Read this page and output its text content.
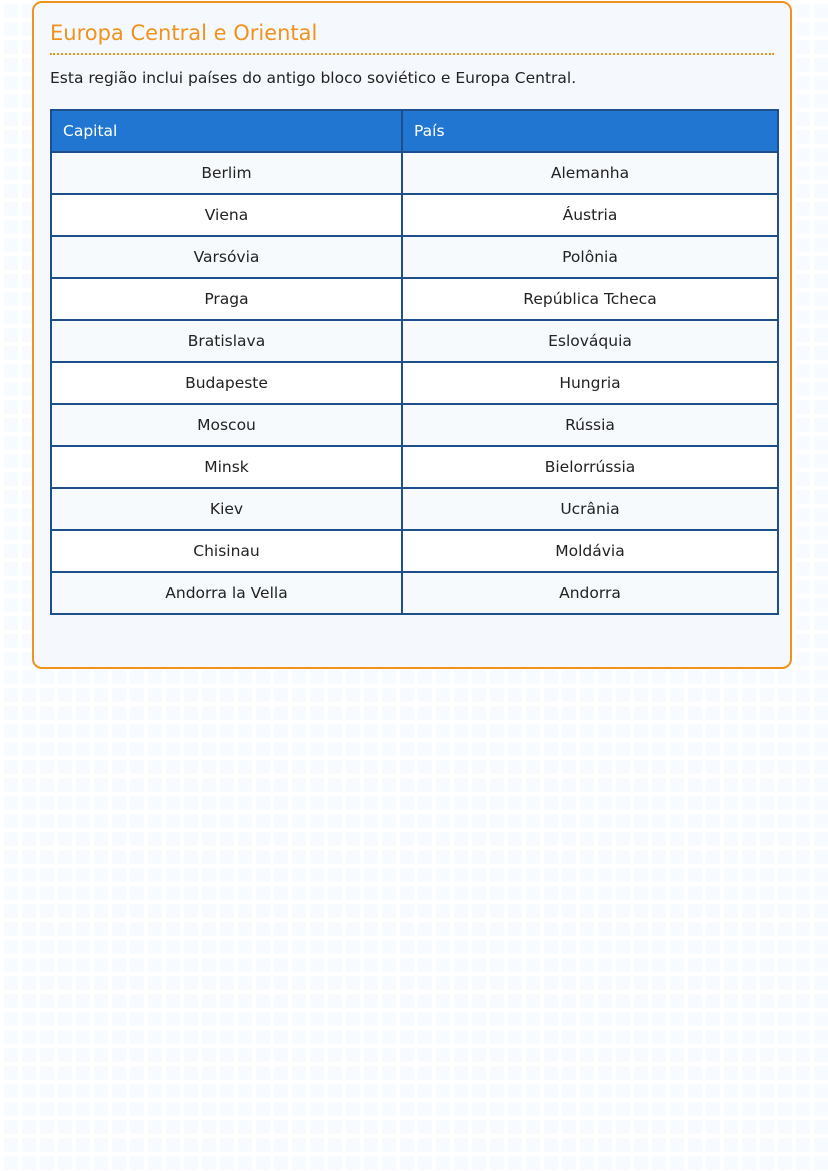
Europa Central e Oriental

Esta região inclui países do antigo bloco soviético e Europa Central.

Capital	País
Berlim	Alemanha
Viena	Áustria
Varsóvia	Polônia
Praga	República Tcheca
Bratislava	Eslováquia
Budapeste	Hungria
Moscou	Rússia
Minsk	Bielorrússia
Kiev	Ucrânia
Chisinau	Moldávia
Andorra la Vella	Andorra
